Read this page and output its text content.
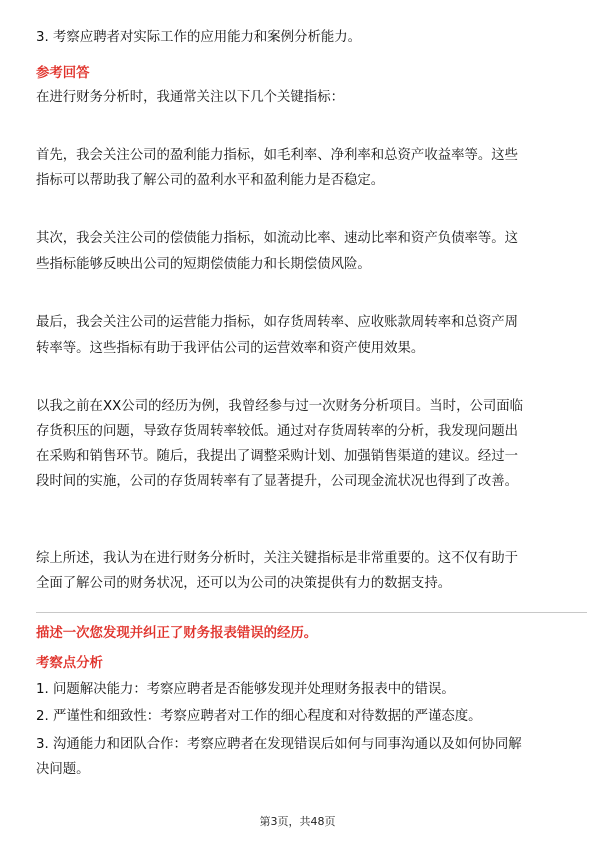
3. 考察应聘者对实际工作的应用能力和案例分析能力。
参考回答
在进行财务分析时，我通常关注以下几个关键指标：
首先，我会关注公司的盈利能力指标，如毛利率、净利率和总资产收益率等。这些
指标可以帮助我了解公司的盈利水平和盈利能力是否稳定。
其次，我会关注公司的偿债能力指标，如流动比率、速动比率和资产负债率等。这
些指标能够反映出公司的短期偿债能力和长期偿债风险。
最后，我会关注公司的运营能力指标，如存货周转率、应收账款周转率和总资产周
转率等。这些指标有助于我评估公司的运营效率和资产使用效果。
以我之前在XX公司的经历为例，我曾经参与过一次财务分析项目。当时，公司面临
存货积压的问题，导致存货周转率较低。通过对存货周转率的分析，我发现问题出
在采购和销售环节。随后，我提出了调整采购计划、加强销售渠道的建议。经过一
段时间的实施，公司的存货周转率有了显著提升，公司现金流状况也得到了改善。
综上所述，我认为在进行财务分析时，关注关键指标是非常重要的。这不仅有助于
全面了解公司的财务状况，还可以为公司的决策提供有力的数据支持。
描述一次您发现并纠正了财务报表错误的经历。
考察点分析
1. 问题解决能力：考察应聘者是否能够发现并处理财务报表中的错误。
2. 严谨性和细致性：考察应聘者对工作的细心程度和对待数据的严谨态度。
3. 沟通能力和团队合作：考察应聘者在发现错误后如何与同事沟通以及如何协同解
决问题。
第3页，共48页
